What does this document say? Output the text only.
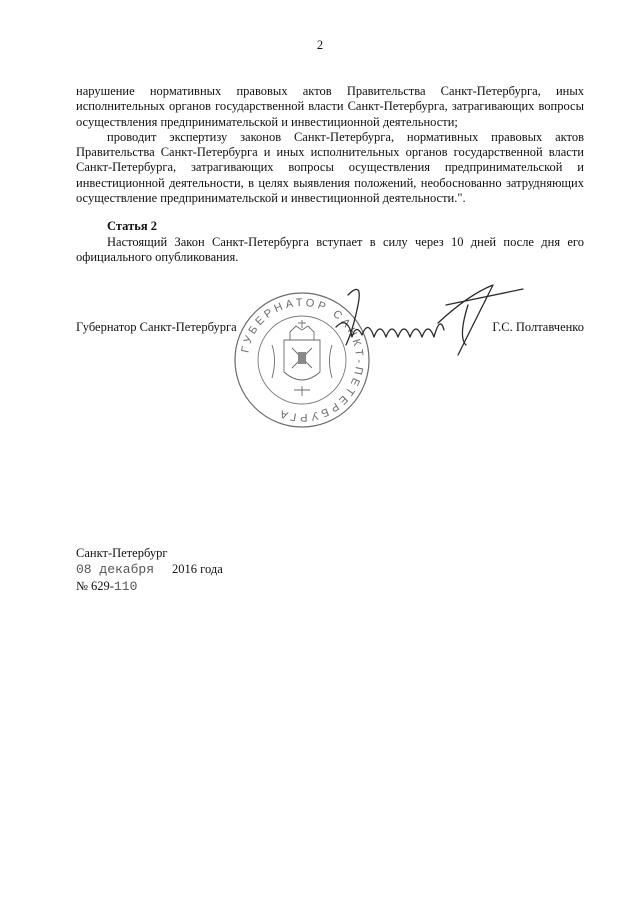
2

нарушение нормативных правовых актов Правительства Санкт-Петербурга, иных исполнительных органов государственной власти Санкт-Петербурга, затрагивающих вопросы осуществления предпринимательской и инвестиционной деятельности;

проводит экспертизу законов Санкт-Петербурга, нормативных правовых актов Правительства Санкт-Петербурга и иных исполнительных органов государственной власти Санкт-Петербурга, затрагивающих вопросы осуществления предпринимательской и инвестиционной деятельности, в целях выявления положений, необоснованно затрудняющих осуществление предпринимательской и инвестиционной деятельности.".

Статья 2
Настоящий Закон Санкт-Петербурга вступает в силу через 10 дней после дня его официального опубликования.
ГУБЕРНАТОР САНКТ-ПЕТЕРБУРГА
Губернатор Санкт-Петербурга	Г.С. Полтавченко
Санкт-Петербург
08 декабря 2016 года
№ 629-110
